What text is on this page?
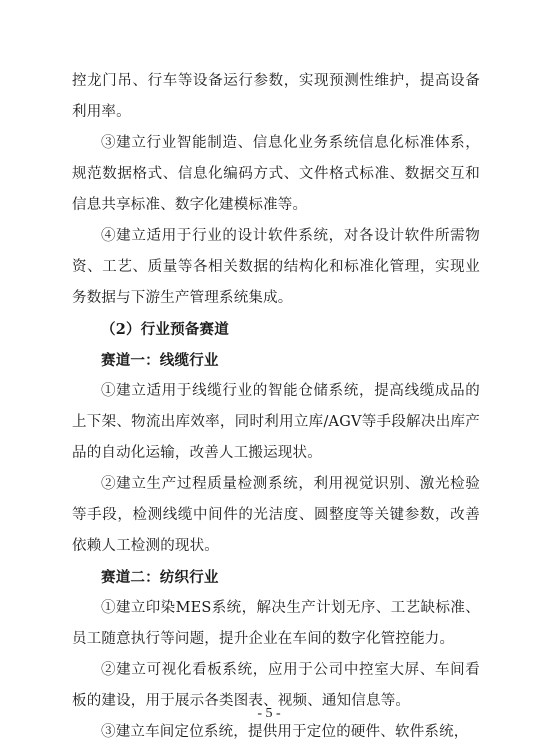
控龙门吊、行车等设备运行参数，实现预测性维护，提高设备利用率。

③建立行业智能制造、信息化业务系统信息化标准体系，规范数据格式、信息化编码方式、文件格式标准、数据交互和信息共享标准、数字化建模标准等。

④建立适用于行业的设计软件系统，对各设计软件所需物资、工艺、质量等各相关数据的结构化和标准化管理，实现业务数据与下游生产管理系统集成。

（2）行业预备赛道

赛道一：线缆行业

①建立适用于线缆行业的智能仓储系统，提高线缆成品的上下架、物流出库效率，同时利用立库/AGV等手段解决出库产品的自动化运输，改善人工搬运现状。

②建立生产过程质量检测系统，利用视觉识别、激光检验等手段，检测线缆中间件的光洁度、圆整度等关键参数，改善依赖人工检测的现状。

赛道二：纺织行业

①建立印染MES系统，解决生产计划无序、工艺缺标准、员工随意执行等问题，提升企业在车间的数字化管控能力。

②建立可视化看板系统，应用于公司中控室大屏、车间看板的建设，用于展示各类图表、视频、通知信息等。

③建立车间定位系统，提供用于定位的硬件、软件系统，

- 5 -
